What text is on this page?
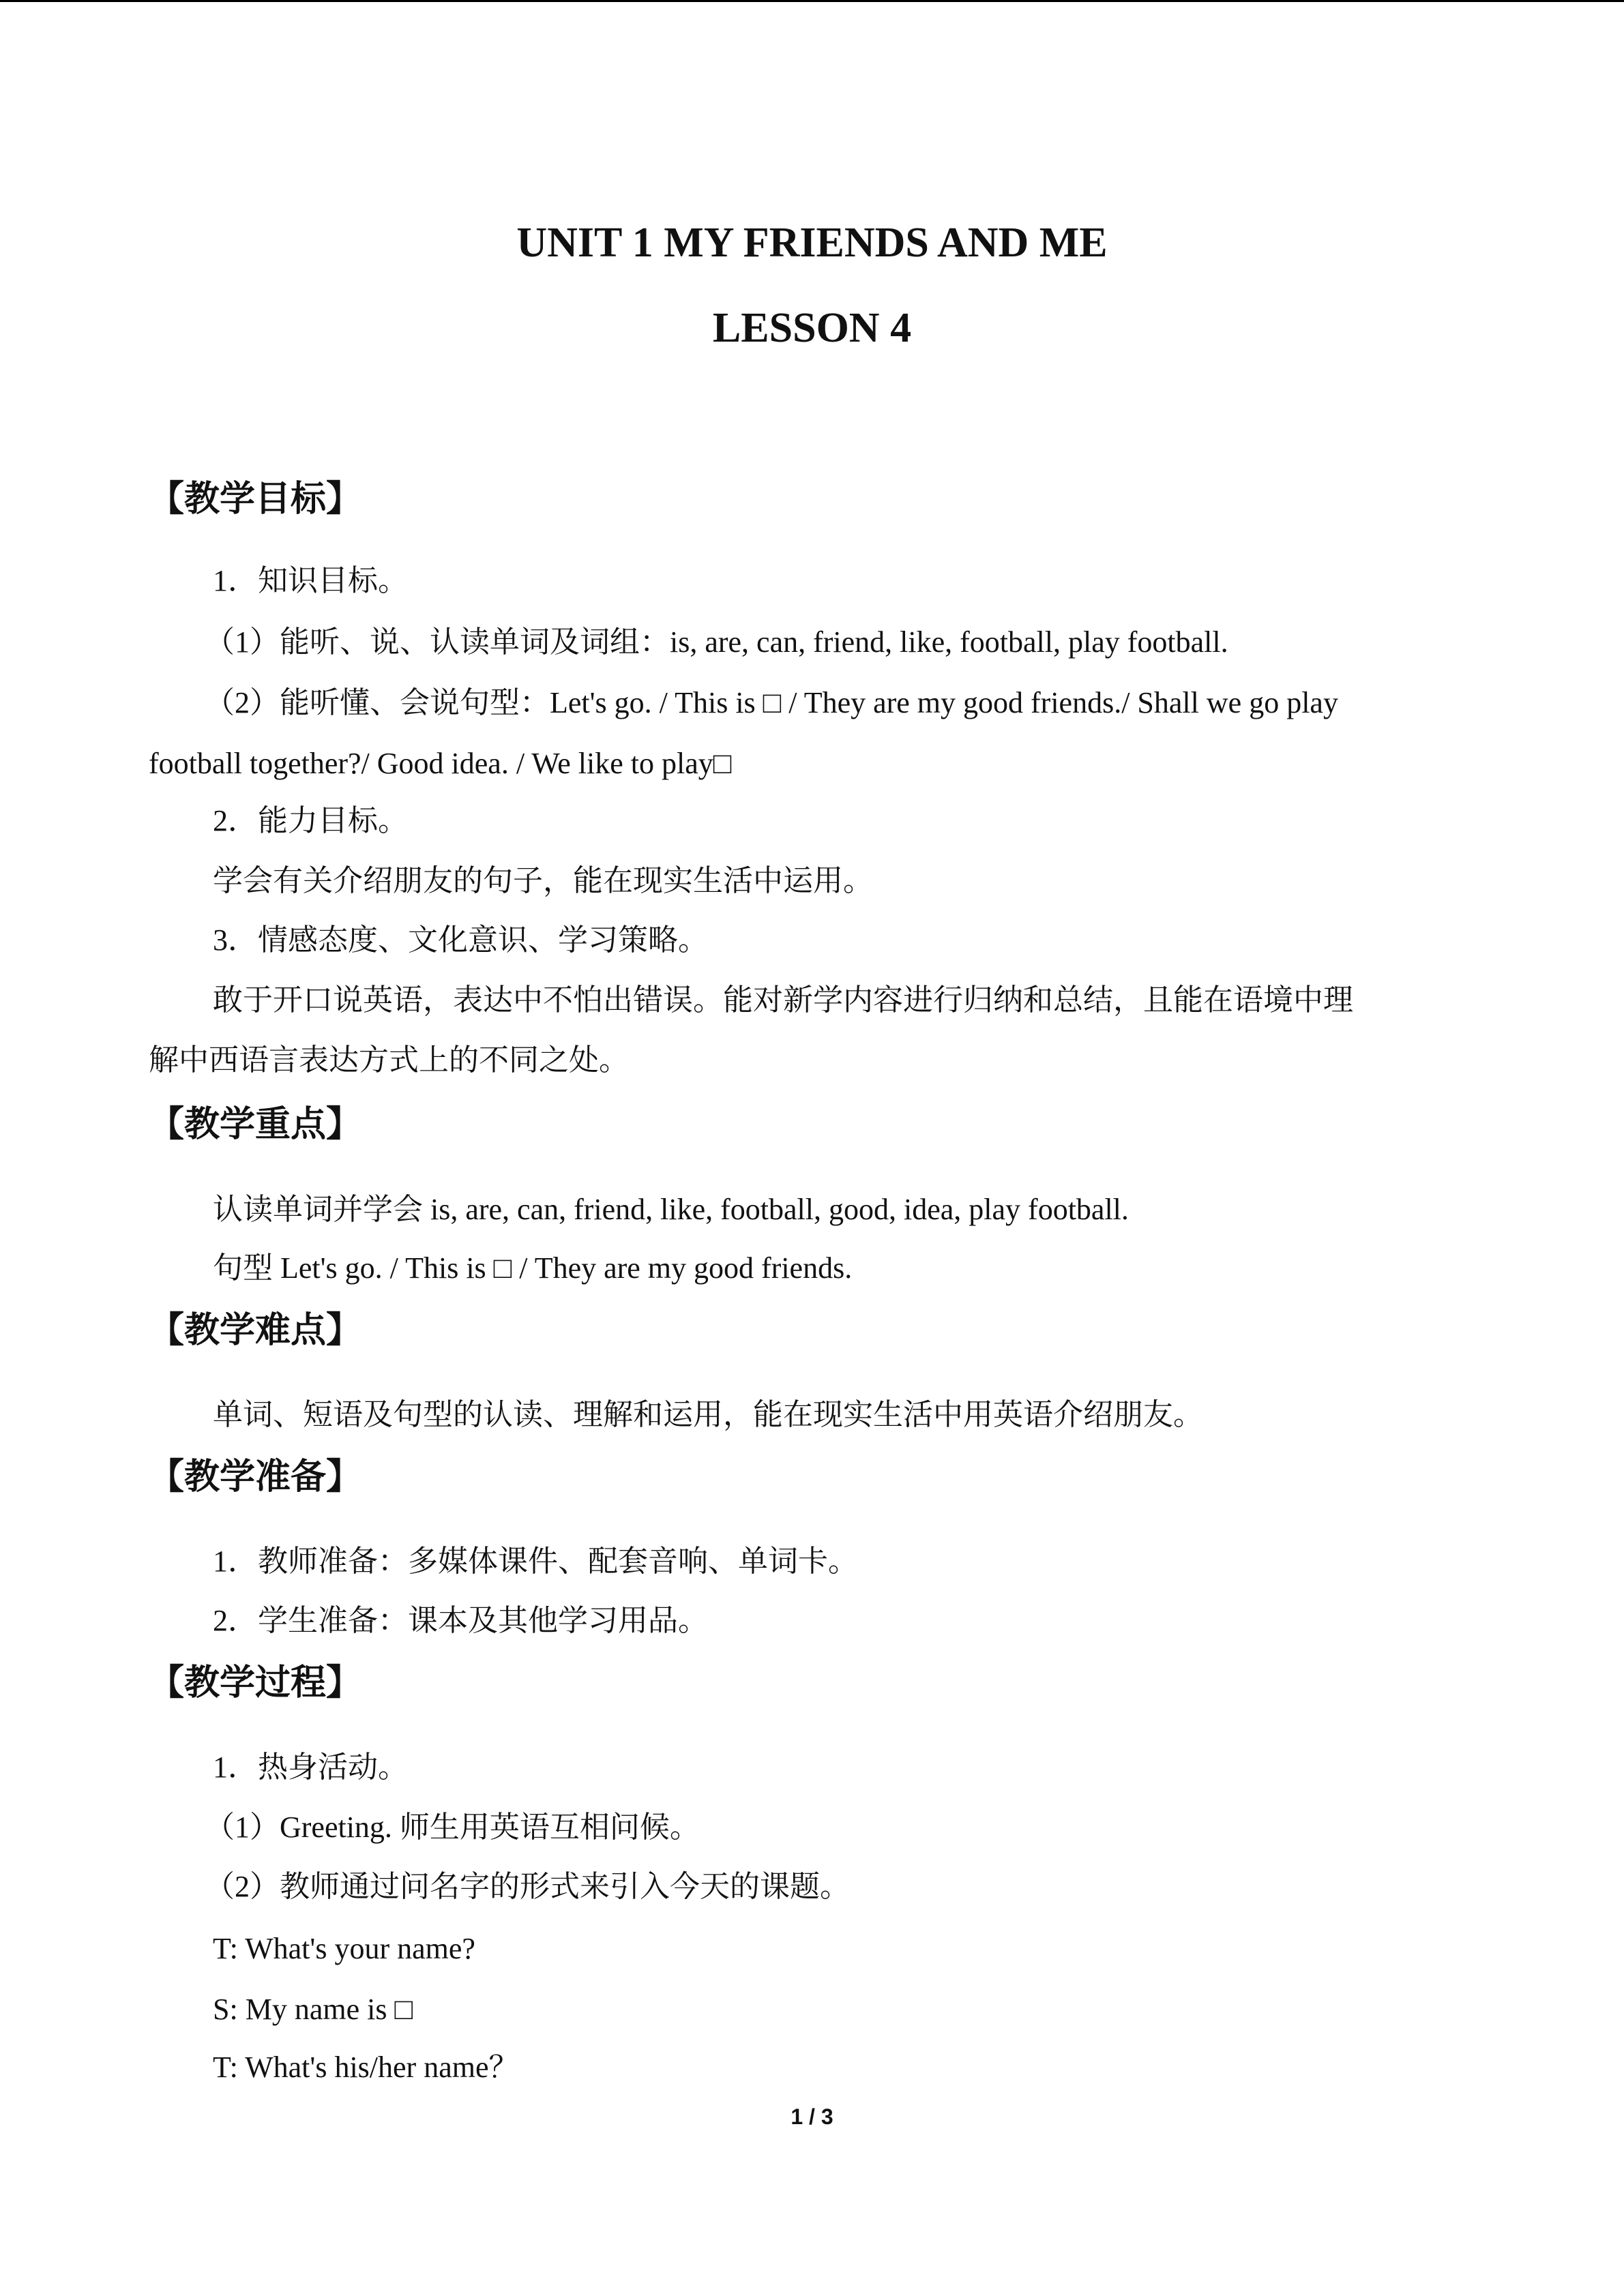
UNIT 1 MY FRIENDS AND ME
LESSON 4
【教学目标】
1．知识目标。
（1）能听、说、认读单词及词组：is, are, can, friend, like, football, play football.
（2）能听懂、会说句型：Let's go. / This is □ / They are my good friends./ Shall we go play
football together?/ Good idea. / We like to play□
2．能力目标。
学会有关介绍朋友的句子，能在现实生活中运用。
3．情感态度、文化意识、学习策略。
敢于开口说英语，表达中不怕出错误。能对新学内容进行归纳和总结，且能在语境中理
解中西语言表达方式上的不同之处。
【教学重点】
认读单词并学会 is, are, can, friend, like, football, good, idea, play football.
句型 Let's go. / This is □ / They are my good friends.
【教学难点】
单词、短语及句型的认读、理解和运用，能在现实生活中用英语介绍朋友。
【教学准备】
1．教师准备：多媒体课件、配套音响、单词卡。
2．学生准备：课本及其他学习用品。
【教学过程】
1．热身活动。
（1）Greeting. 师生用英语互相问候。
（2）教师通过问名字的形式来引入今天的课题。
T: What's your name?
S: My name is □
T: What's his/her name？
1 / 3
